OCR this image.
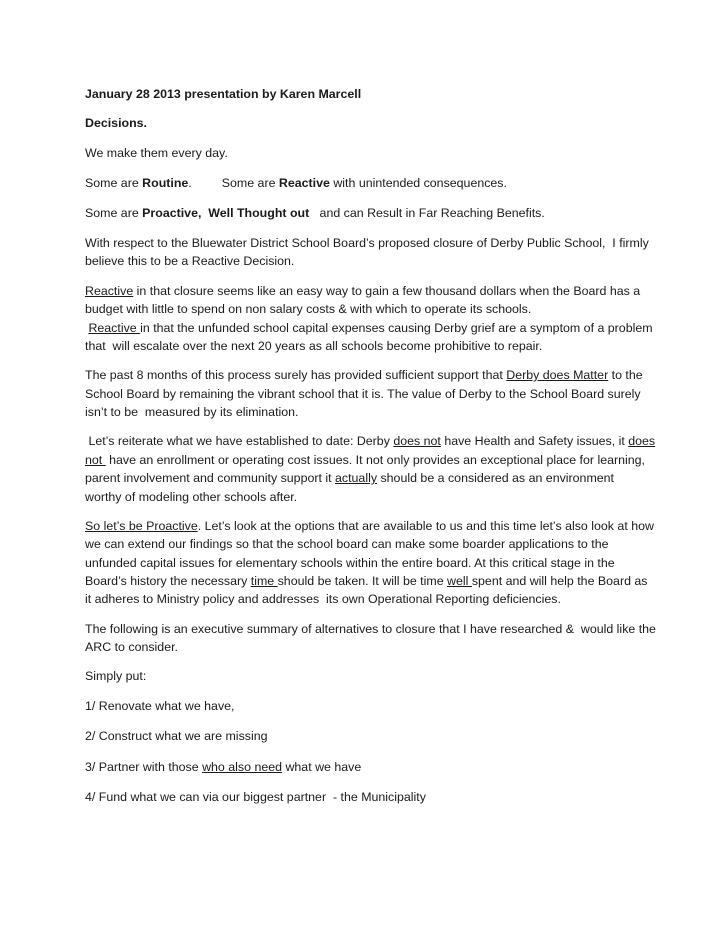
January 28 2013 presentation by Karen Marcell
Decisions.
We make them every day.
Some are Routine. Some are Reactive with unintended consequences.
Some are Proactive,  Well Thought out   and can Result in Far Reaching Benefits.
With respect to the Bluewater District School Board’s proposed closure of Derby Public School,  I firmly
believe this to be a Reactive Decision.
Reactive in that closure seems like an easy way to gain a few thousand dollars when the Board has a
budget with little to spend on non salary costs & with which to operate its schools.
Reactive in that the unfunded school capital expenses causing Derby grief are a symptom of a problem
that  will escalate over the next 20 years as all schools become prohibitive to repair.
The past 8 months of this process surely has provided sufficient support that Derby does Matter to the
School Board by remaining the vibrant school that it is. The value of Derby to the School Board surely
isn’t to be  measured by its elimination.
Let’s reiterate what we have established to date: Derby does not have Health and Safety issues, it does
not  have an enrollment or operating cost issues. It not only provides an exceptional place for learning,
parent involvement and community support it actually should be a considered as an environment
worthy of modeling other schools after.
So let’s be Proactive. Let’s look at the options that are available to us and this time let’s also look at how
we can extend our findings so that the school board can make some boarder applications to the
unfunded capital issues for elementary schools within the entire board. At this critical stage in the
Board’s history the necessary time should be taken. It will be time well spent and will help the Board as
it adheres to Ministry policy and addresses  its own Operational Reporting deficiencies.
The following is an executive summary of alternatives to closure that I have researched &  would like the
ARC to consider.
Simply put:
1/ Renovate what we have,
2/ Construct what we are missing
3/ Partner with those who also need what we have
4/ Fund what we can via our biggest partner  - the Municipality
